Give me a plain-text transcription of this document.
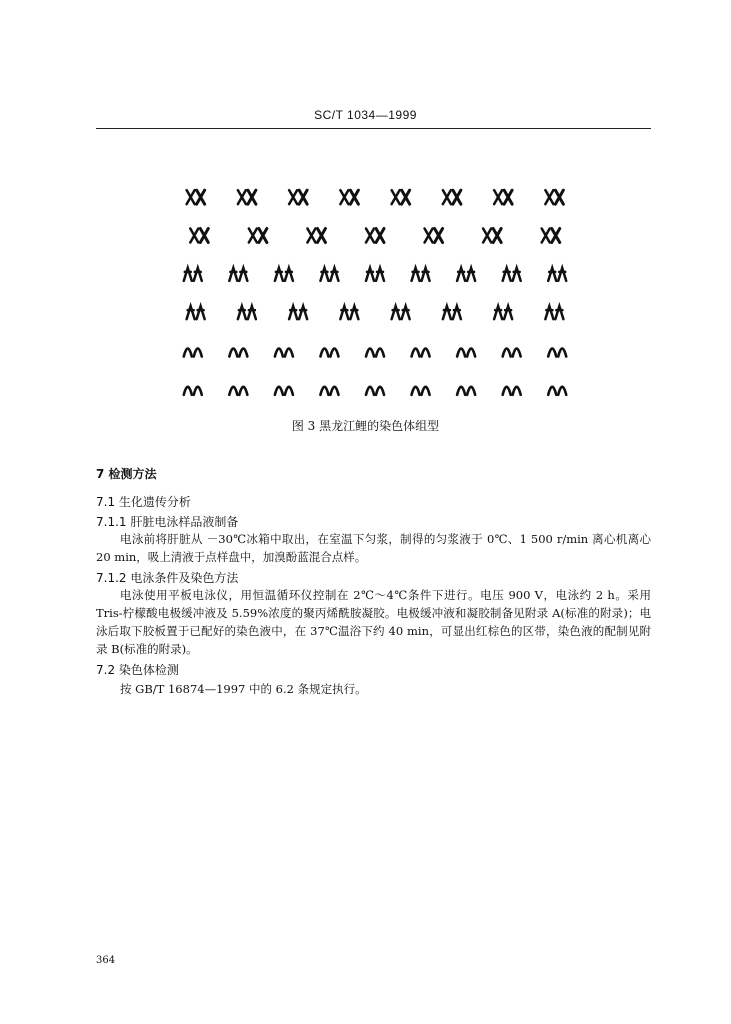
SC/T 1034—1999
图 3 黑龙江鲤的染色体组型
7 检测方法
7.1 生化遗传分析
7.1.1 肝脏电泳样品液制备
电泳前将肝脏从 －30℃冰箱中取出，在室温下匀浆，制得的匀浆液于 0℃、1 500 r/min 离心机离心 20 min，吸上清液于点样盘中，加溴酚蓝混合点样。
7.1.2 电泳条件及染色方法
电泳使用平板电泳仪，用恒温循环仪控制在 2℃～4℃条件下进行。电压 900 V，电泳约 2 h。采用 Tris-柠檬酸电极缓冲液及 5.59%浓度的聚丙烯酰胺凝胶。电极缓冲液和凝胶制备见附录 A(标准的附录)；电泳后取下胶板置于已配好的染色液中，在 37℃温浴下约 40 min，可显出红棕色的区带，染色液的配制见附录 B(标准的附录)。
7.2 染色体检测
按 GB/T 16874—1997 中的 6.2 条规定执行。
364
